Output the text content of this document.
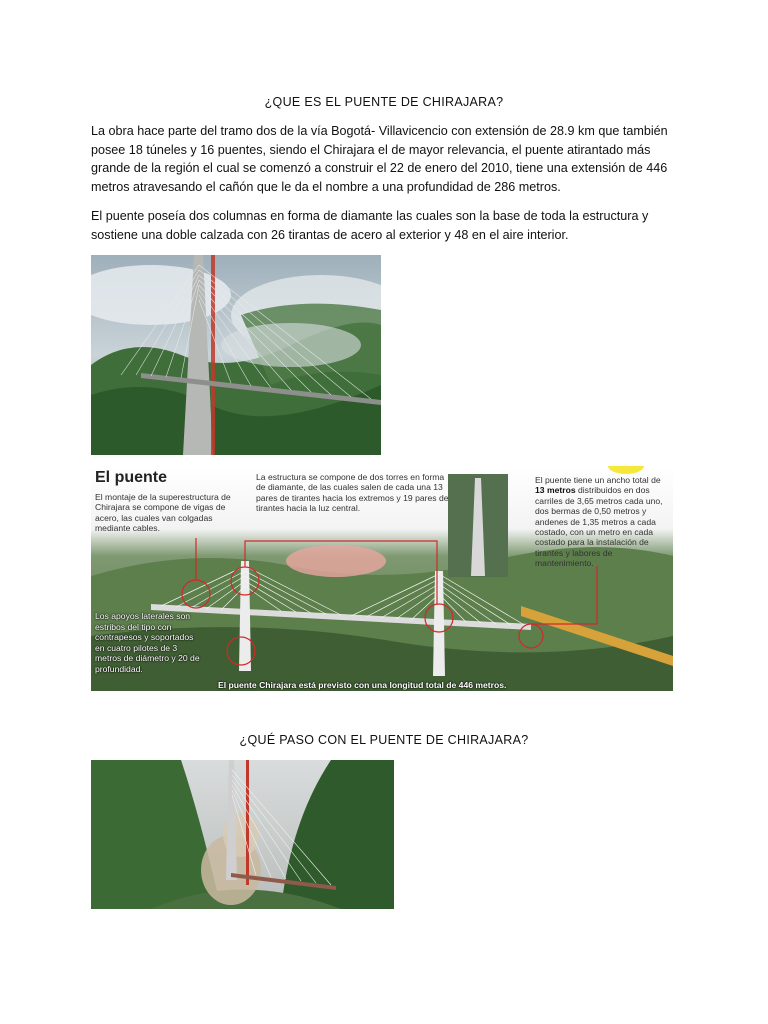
¿QUE ES EL PUENTE DE CHIRAJARA?

La obra hace parte del tramo dos de la vía Bogotá- Villavicencio con extensión de 28.9 km que también posee 18 túneles y 16 puentes, siendo el Chirajara el de mayor relevancia, el puente atirantado más grande de la región el cual se comenzó a construir el 22 de enero del 2010, tiene una extensión de 446 metros atravesando el cañón que le da el nombre a una profundidad de 286 metros.

El puente poseía dos columnas en forma de diamante las cuales son la base de toda la estructura y sostiene una doble calzada con 26 tirantas de acero al exterior y 48 en el aire interior.

El puente
El montaje de la superestructura de Chirajara se compone de vigas de acero, las cuales van colgadas mediante cables.
La estructura se compone de dos torres en forma de diamante, de las cuales salen de cada una 13 pares de tirantes hacia los extremos y 19 pares de tirantes hacia la luz central.
El puente tiene un ancho total de 13 metros distribuidos en dos carriles de 3,65 metros cada uno, dos bermas de 0,50 metros y andenes de 1,35 metros a cada costado, con un metro en cada costado para la instalación de tirantes y labores de mantenimiento.
Los apoyos laterales son estribos del tipo con contrapesos y soportados en cuatro pilotes de 3 metros de diámetro y 20 de profundidad.
El puente Chirajara está previsto con una longitud total de 446 metros.
¿QUÉ PASO CON EL PUENTE DE CHIRAJARA?
